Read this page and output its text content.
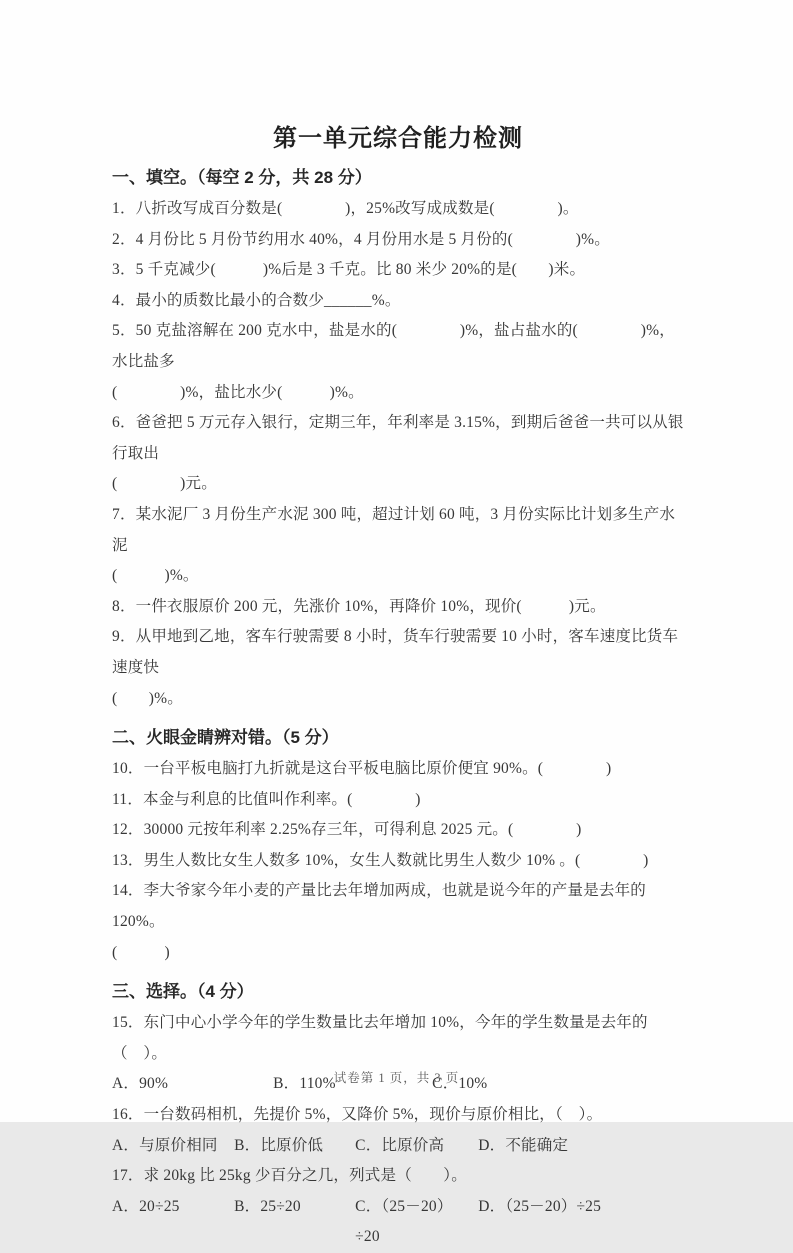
第一单元综合能力检测
一、填空。（每空 2 分，共 28 分）

1．八折改写成百分数是(　　　　)，25%改写成成数是(　　　　)。

2．4 月份比 5 月份节约用水 40%，4 月份用水是 5 月份的(　　　　)%。

3．5 千克减少(　　　)%后是 3 千克。比 80 米少 20%的是(　　)米。

4．最小的质数比最小的合数少______%。

5．50 克盐溶解在 200 克水中，盐是水的(　　　　)%，盐占盐水的(　　　　)%，水比盐多

(　　　　)%，盐比水少(　　　)%。

6．爸爸把 5 万元存入银行，定期三年，年利率是 3.15%，到期后爸爸一共可以从银行取出

(　　　　)元。

7．某水泥厂 3 月份生产水泥 300 吨，超过计划 60 吨，3 月份实际比计划多生产水泥

(　　　)%。

8．一件衣服原价 200 元，先涨价 10%，再降价 10%，现价(　　　)元。

9．从甲地到乙地，客车行驶需要 8 小时，货车行驶需要 10 小时，客车速度比货车速度快

(　　)%。

二、火眼金睛辨对错。（5 分）

10．一台平板电脑打九折就是这台平板电脑比原价便宜 90%。(　　　　)

11．本金与利息的比值叫作利率。(　　　　)

12．30000 元按年利率 2.25%存三年，可得利息 2025 元。(　　　　)

13．男生人数比女生人数多 10%，女生人数就比男生人数少 10% 。(　　　　)

14．李大爷家今年小麦的产量比去年增加两成，也就是说今年的产量是去年的 120%。

(　　　)

三、选择。（4 分）

15．东门中心小学今年的学生数量比去年增加 10%，今年的学生数量是去年的（　）。

A．90%	B．110%	C．10%

16．一台数码相机，先提价 5%，又降价 5%，现价与原价相比，（　）。

A．与原价相同 B．比原价低 C．比原价高 D．不能确定

17．求 20kg 比 25kg 少百分之几，列式是（　　）。

A．20÷25	B．25÷20	C．（25－20）÷20 D．（25－20）÷25
试卷第 1 页，共 3 页
